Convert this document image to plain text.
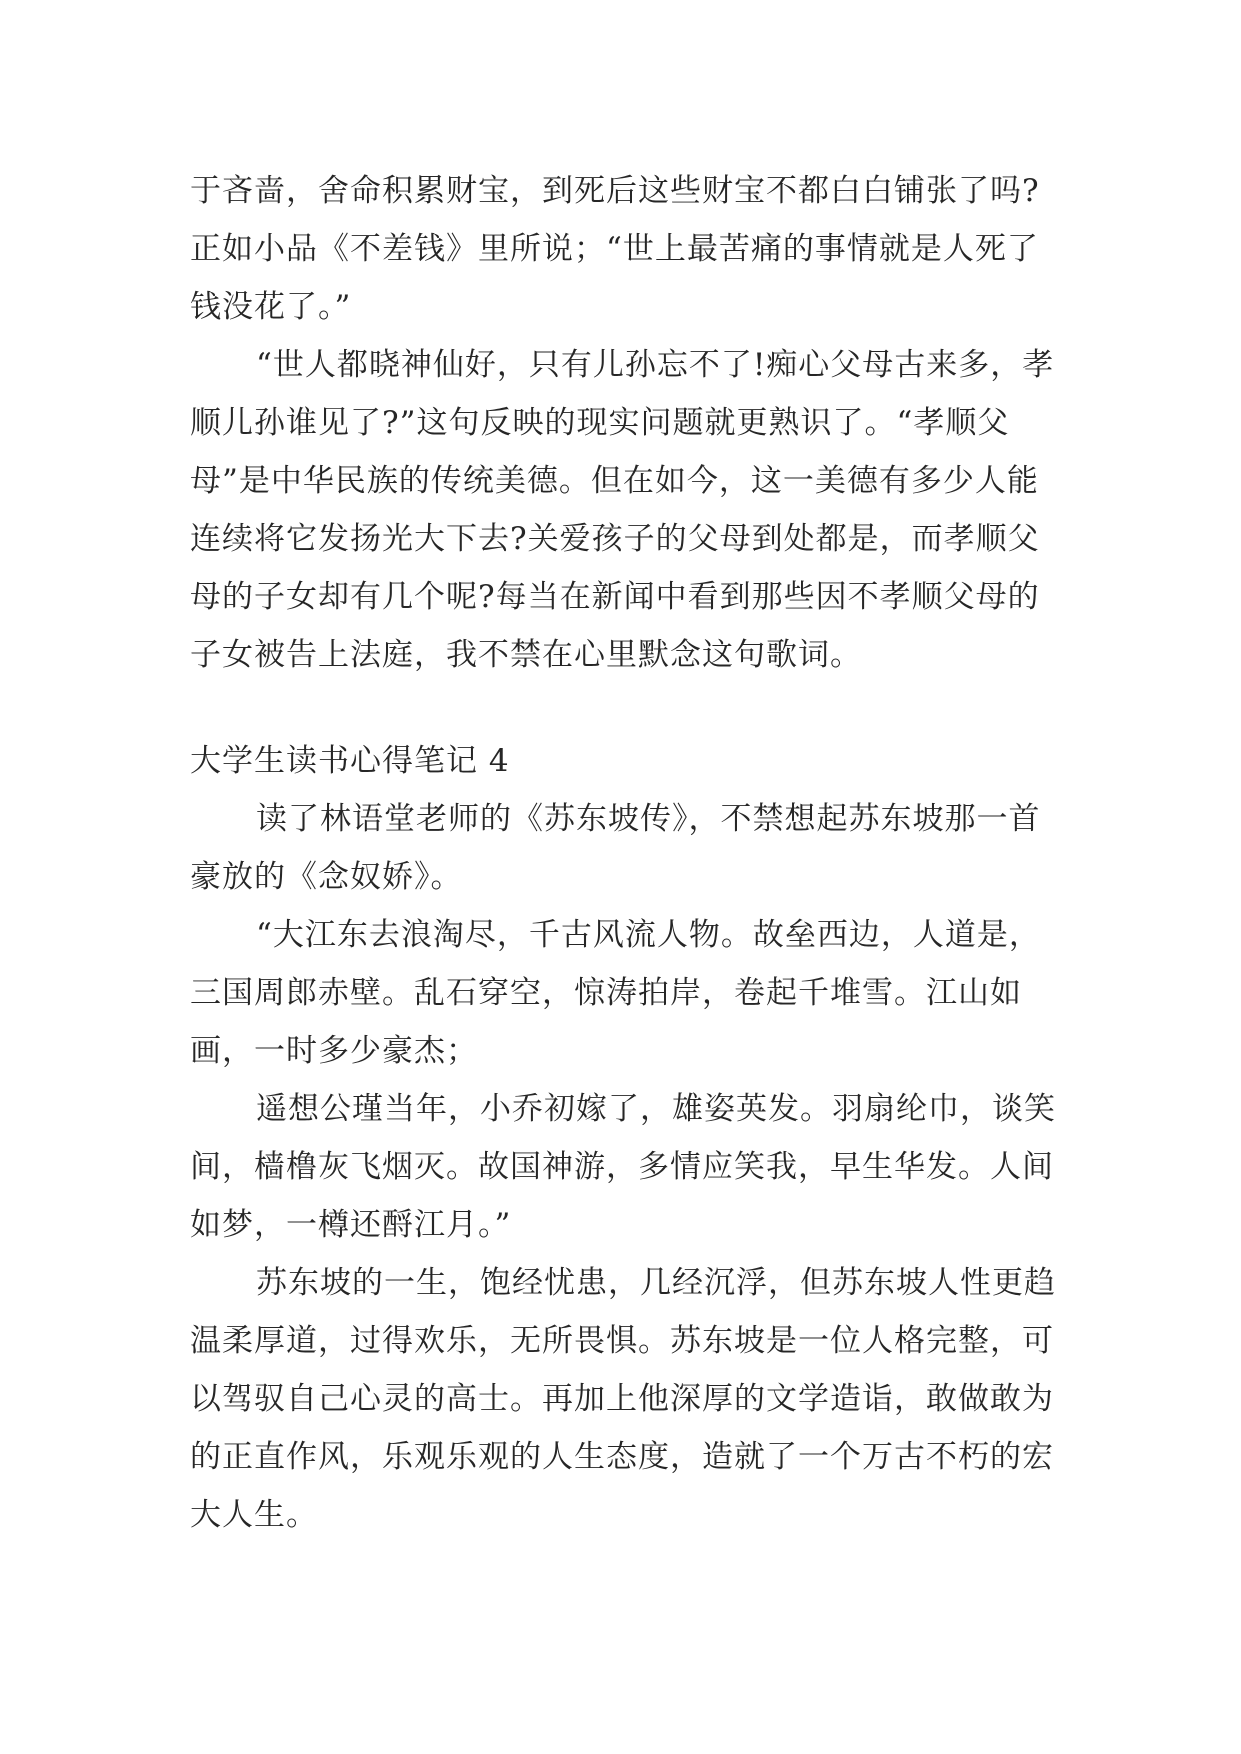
于吝啬，舍命积累财宝，到死后这些财宝不都白白铺张了吗?正如小品《不差钱》里所说；“世上最苦痛的事情就是人死了钱没花了。”

“世人都晓神仙好，只有儿孙忘不了!痴心父母古来多，孝顺儿孙谁见了?”这句反映的现实问题就更熟识了。“孝顺父母”是中华民族的传统美德。但在如今，这一美德有多少人能连续将它发扬光大下去?关爱孩子的父母到处都是，而孝顺父母的子女却有几个呢?每当在新闻中看到那些因不孝顺父母的子女被告上法庭，我不禁在心里默念这句歌词。

大学生读书心得笔记 4

读了林语堂老师的《苏东坡传》，不禁想起苏东坡那一首豪放的《念奴娇》。

“大江东去浪淘尽，千古风流人物。故垒西边，人道是，三国周郎赤壁。乱石穿空，惊涛拍岸，卷起千堆雪。江山如画，一时多少豪杰；

遥想公瑾当年，小乔初嫁了，雄姿英发。羽扇纶巾，谈笑间，樯橹灰飞烟灭。故国神游，多情应笑我，早生华发。人间如梦，一樽还酹江月。”

苏东坡的一生，饱经忧患，几经沉浮，但苏东坡人性更趋温柔厚道，过得欢乐，无所畏惧。苏东坡是一位人格完整，可以驾驭自己心灵的高士。再加上他深厚的文学造诣，敢做敢为的正直作风，乐观乐观的人生态度，造就了一个万古不朽的宏大人生。
